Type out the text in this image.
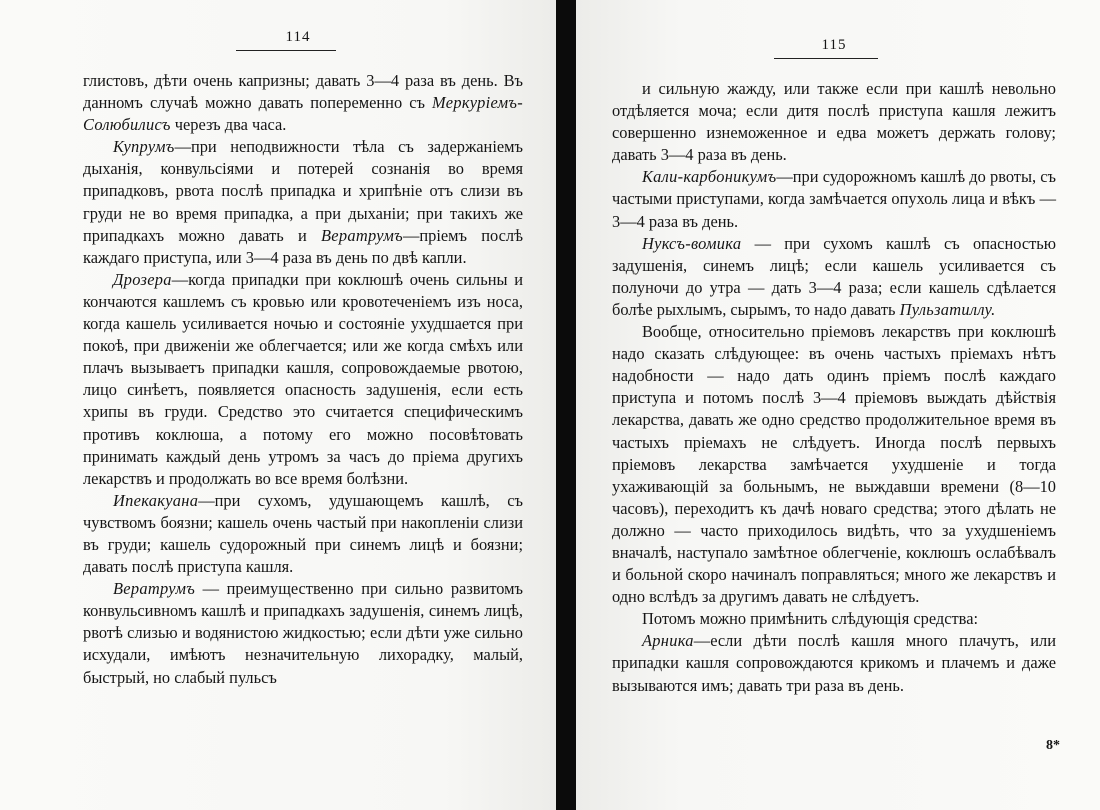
114

глистовъ, дѣти очень капризны; давать 3—4 раза въ день. Въ данномъ случаѣ можно давать попеременно съ Меркуріемъ-Солюбилисъ черезъ два часа.

Купрумъ—при неподвижности тѣла съ задержаніемъ дыханія, конвульсіями и потерей сознанія во время припадковъ, рвота послѣ припадка и хрипѣніе отъ слизи въ груди не во время припадка, а при дыханіи; при такихъ же припадкахъ можно давать и Вератрумъ—пріемъ послѣ каждаго приступа, или 3—4 раза въ день по двѣ капли.

Дрозера—когда припадки при коклюшѣ очень сильны и кончаются кашлемъ съ кровью или кровотеченіемъ изъ носа, когда кашель усиливается ночью и состояніе ухудшается при покоѣ, при движеніи же облегчается; или же когда смѣхъ или плачъ вызываетъ припадки кашля, сопровождаемые рвотою, лицо синѣетъ, появляется опасность задушенія, если есть хрипы въ груди. Средство это считается специфическимъ противъ коклюша, а потому его можно посовѣтовать принимать каждый день утромъ за часъ до пріема другихъ лекарствъ и продолжать во все время болѣзни.

Ипекакуана—при сухомъ, удушающемъ кашлѣ, съ чувствомъ боязни; кашель очень частый при накопленіи слизи въ груди; кашель судорожный при синемъ лицѣ и боязни; давать послѣ приступа кашля.

Вератрумъ — преимущественно при сильно развитомъ конвульсивномъ кашлѣ и припадкахъ задушенія, синемъ лицѣ, рвотѣ слизью и водянистою жидкостью; если дѣти уже сильно исхудали, имѣютъ незначительную лихорадку, малый, быстрый, но слабый пульсъ

115

и сильную жажду, или также если при кашлѣ невольно отдѣляется моча; если дитя послѣ приступа кашля лежитъ совершенно изнеможенное и едва можетъ держать голову; давать 3—4 раза въ день.

Кали-карбоникумъ—при судорожномъ кашлѣ до рвоты, съ частыми приступами, когда замѣчается опухоль лица и вѣкъ — 3—4 раза въ день.

Нуксъ-вомика — при сухомъ кашлѣ съ опасностью задушенія, синемъ лицѣ; если кашель усиливается съ полуночи до утра — дать 3—4 раза; если кашель сдѣлается болѣе рыхлымъ, сырымъ, то надо давать Пульзатиллу.

Вообще, относительно пріемовъ лекарствъ при коклюшѣ надо сказать слѣдующее: въ очень частыхъ пріемахъ нѣтъ надобности — надо дать одинъ пріемъ послѣ каждаго приступа и потомъ послѣ 3—4 пріемовъ выждать дѣйствія лекарства, давать же одно средство продолжительное время въ частыхъ пріемахъ не слѣдуетъ. Иногда послѣ первыхъ пріемовъ лекарства замѣчается ухудшеніе и тогда ухаживающій за больнымъ, не выждавши времени (8—10 часовъ), переходитъ къ дачѣ новаго средства; этого дѣлать не должно — часто приходилось видѣть, что за ухудшеніемъ вначалѣ, наступало замѣтное облегченіе, коклюшъ ослабѣвалъ и больной скоро начиналъ поправляться; много же лекарствъ и одно вслѣдъ за другимъ давать не слѣдуетъ.

Потомъ можно примѣнить слѣдующія средства:

Арника—если дѣти послѣ кашля много плачутъ, или припадки кашля сопровождаются крикомъ и плачемъ и даже вызываются имъ; давать три раза въ день.

8*
